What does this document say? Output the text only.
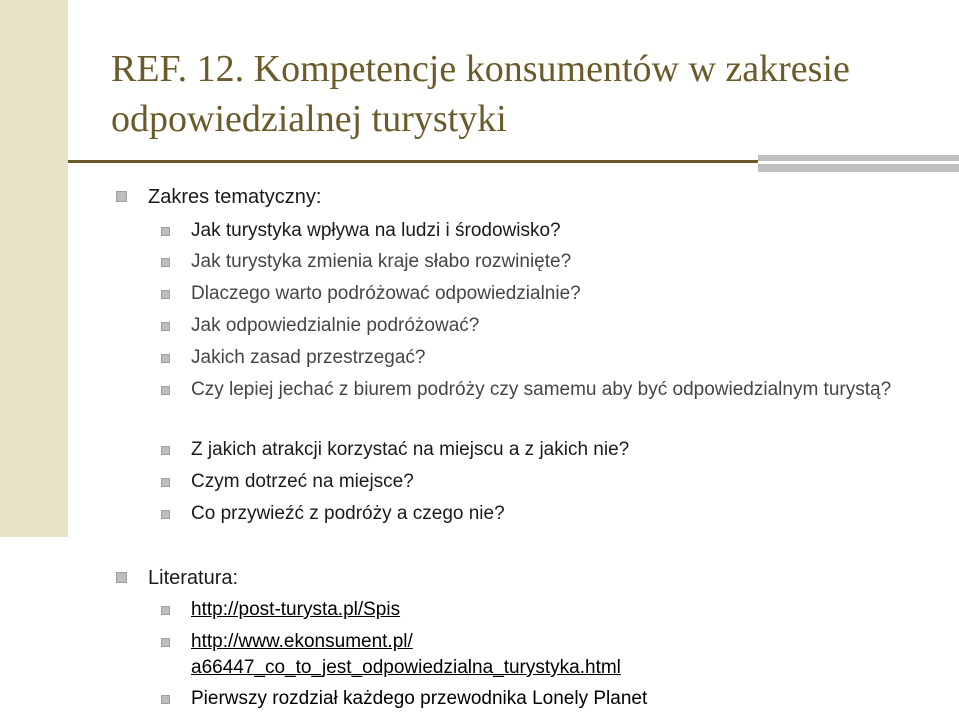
REF. 12. Kompetencje konsumentów w zakresie odpowiedzialnej turystyki
Zakres tematyczny:
Jak turystyka wpływa na ludzi i środowisko?
Jak turystyka zmienia kraje słabo rozwinięte?
Dlaczego warto podróżować odpowiedzialnie?
Jak odpowiedzialnie podróżować?
Jakich zasad przestrzegać?
Czy lepiej jechać z biurem podróży czy samemu aby być odpowiedzialnym turystą?
Z jakich atrakcji korzystać na miejscu a z jakich nie?
Czym dotrzeć na miejsce?
Co przywieźć z podróży a czego nie?
Literatura:
http://post-turysta.pl/Spis
http://www.ekonsument.pl/
a66447_co_to_jest_odpowiedzialna_turystyka.html
Pierwszy rozdział każdego przewodnika Lonely Planet
